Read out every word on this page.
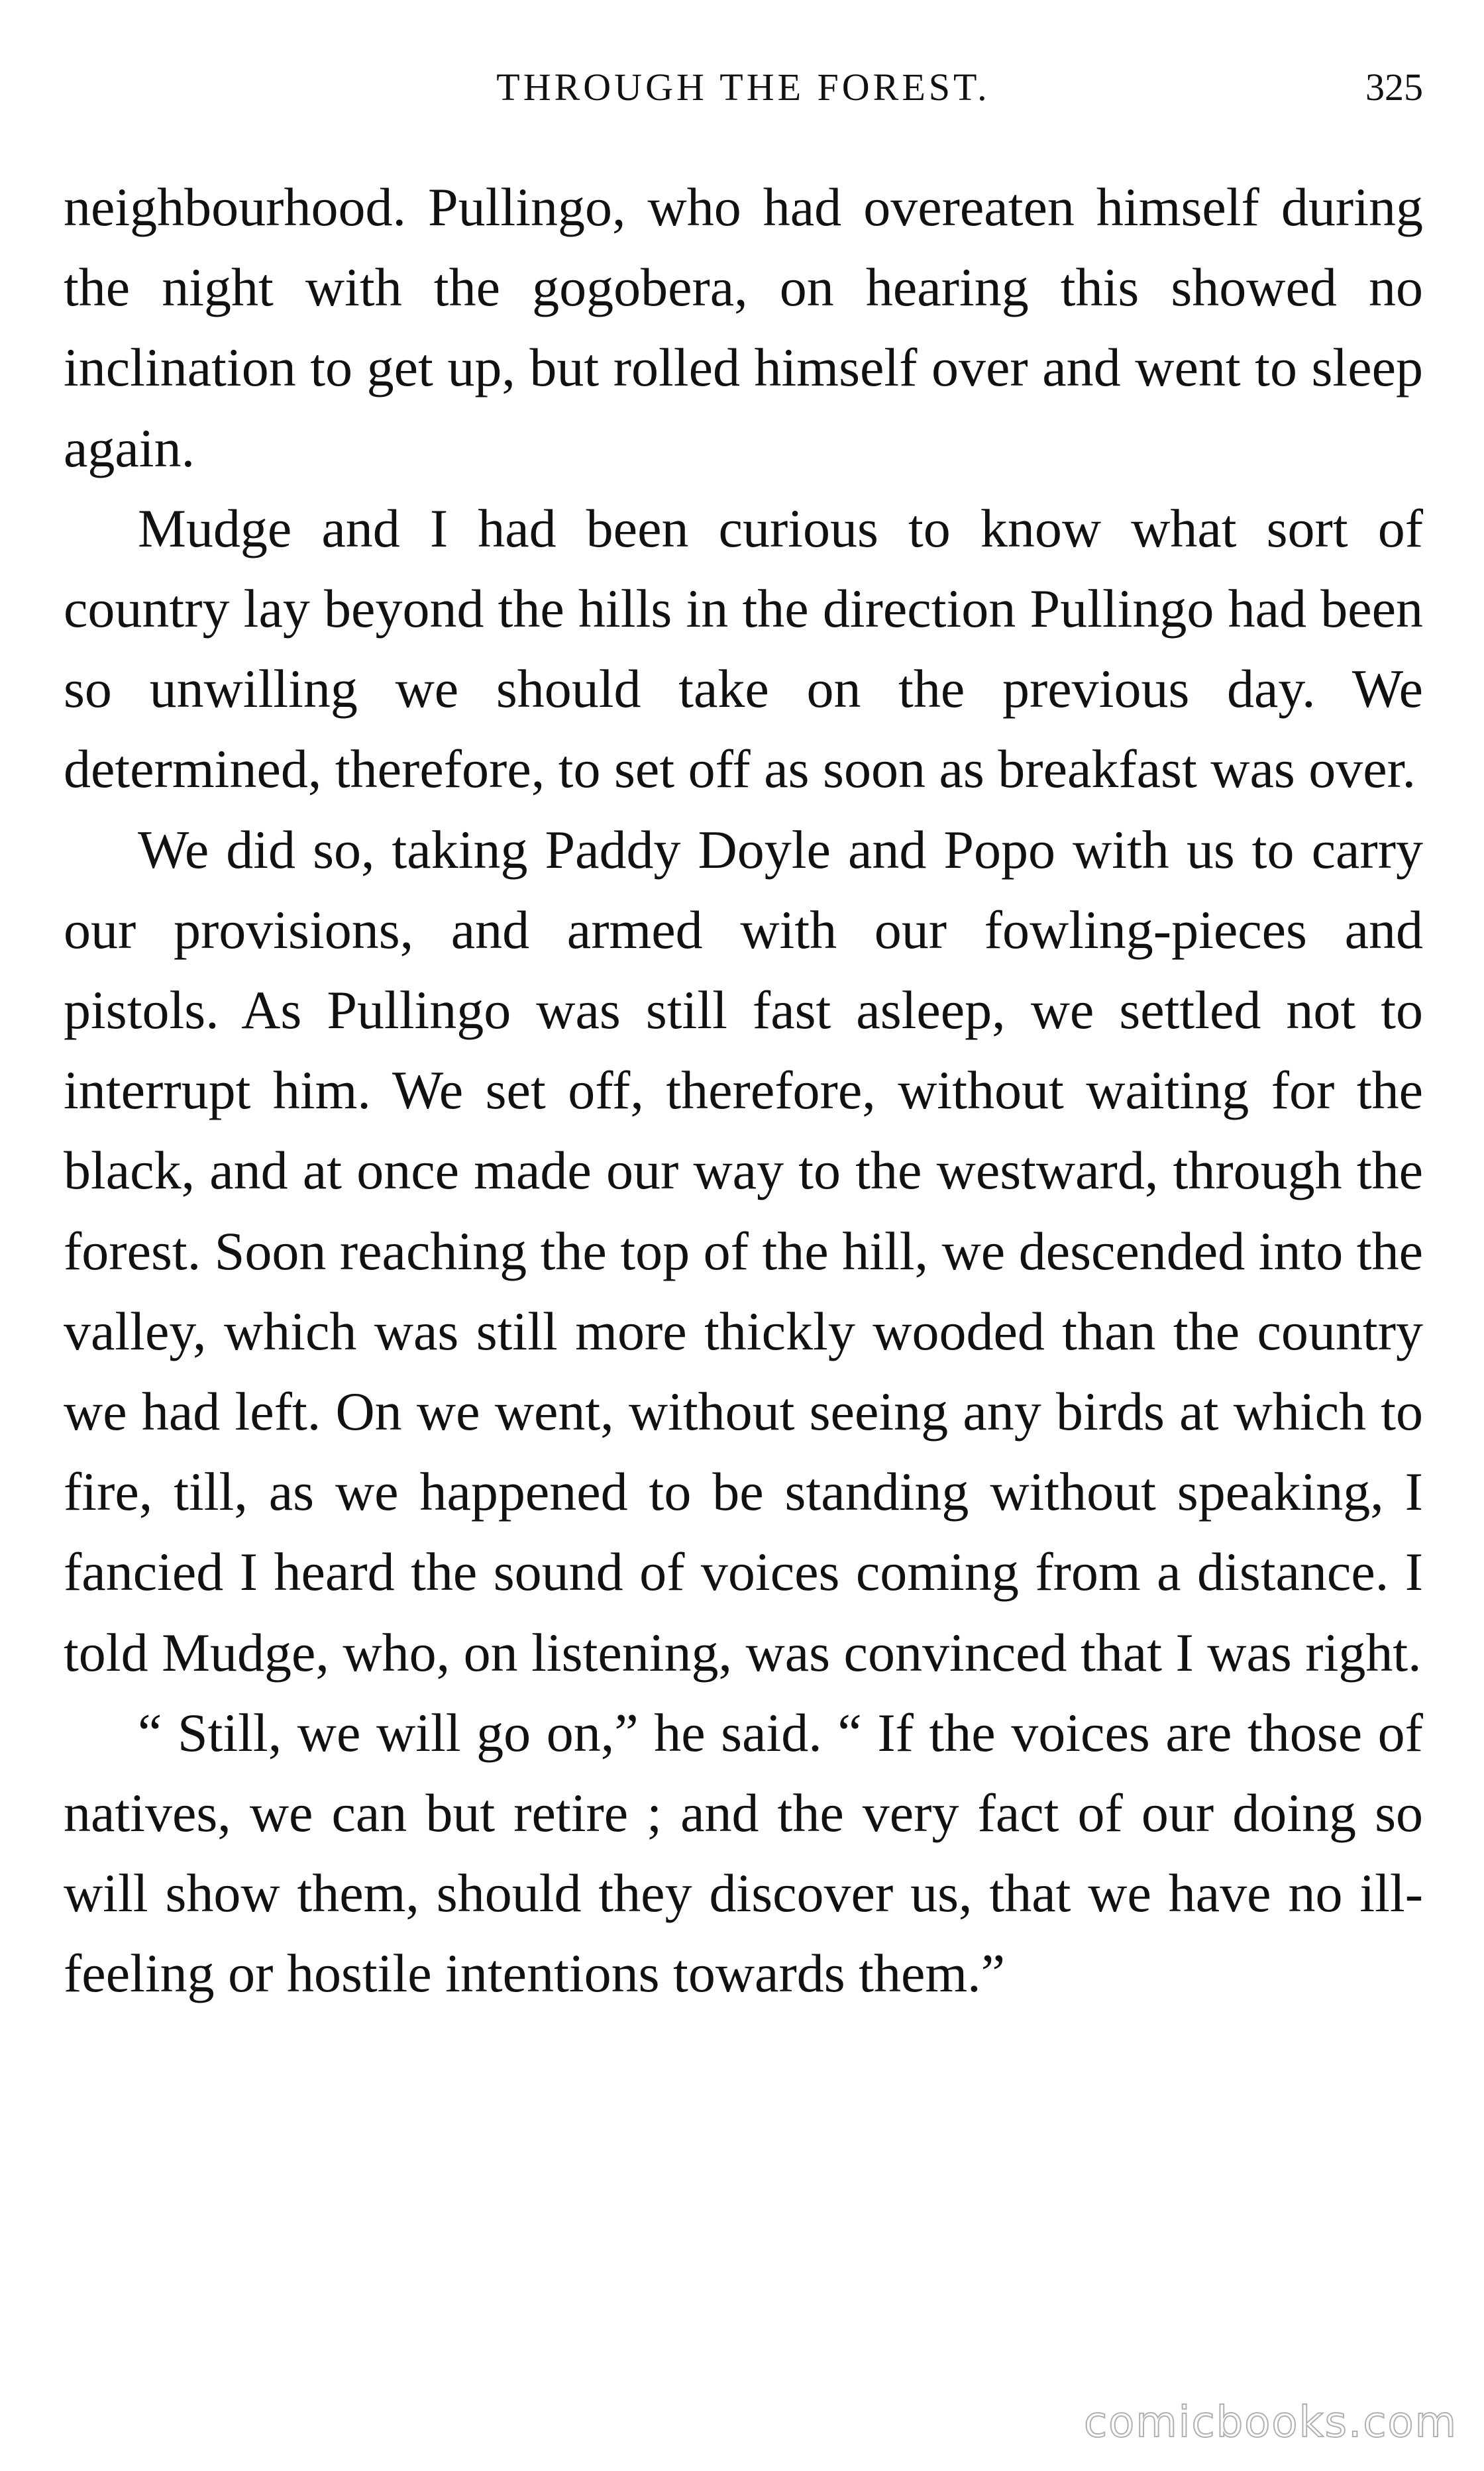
THROUGH THE FOREST.	325

neighbourhood. Pullingo, who had overeaten himself during the night with the gogobera, on hearing this showed no inclination to get up, but rolled himself over and went to sleep again.

Mudge and I had been curious to know what sort of country lay beyond the hills in the direction Pullingo had been so unwilling we should take on the previous day. We determined, therefore, to set off as soon as breakfast was over.

We did so, taking Paddy Doyle and Popo with us to carry our provisions, and armed with our fowling-pieces and pistols. As Pullingo was still fast asleep, we settled not to interrupt him. We set off, therefore, without waiting for the black, and at once made our way to the westward, through the forest. Soon reaching the top of the hill, we descended into the valley, which was still more thickly wooded than the country we had left. On we went, without seeing any birds at which to fire, till, as we happened to be standing without speaking, I fancied I heard the sound of voices coming from a distance. I told Mudge, who, on listening, was convinced that I was right.

“ Still, we will go on,” he said. “ If the voices are those of natives, we can but retire ; and the very fact of our doing so will show them, should they discover us, that we have no ill-feeling or hostile intentions towards them.”

comicbooks.com
